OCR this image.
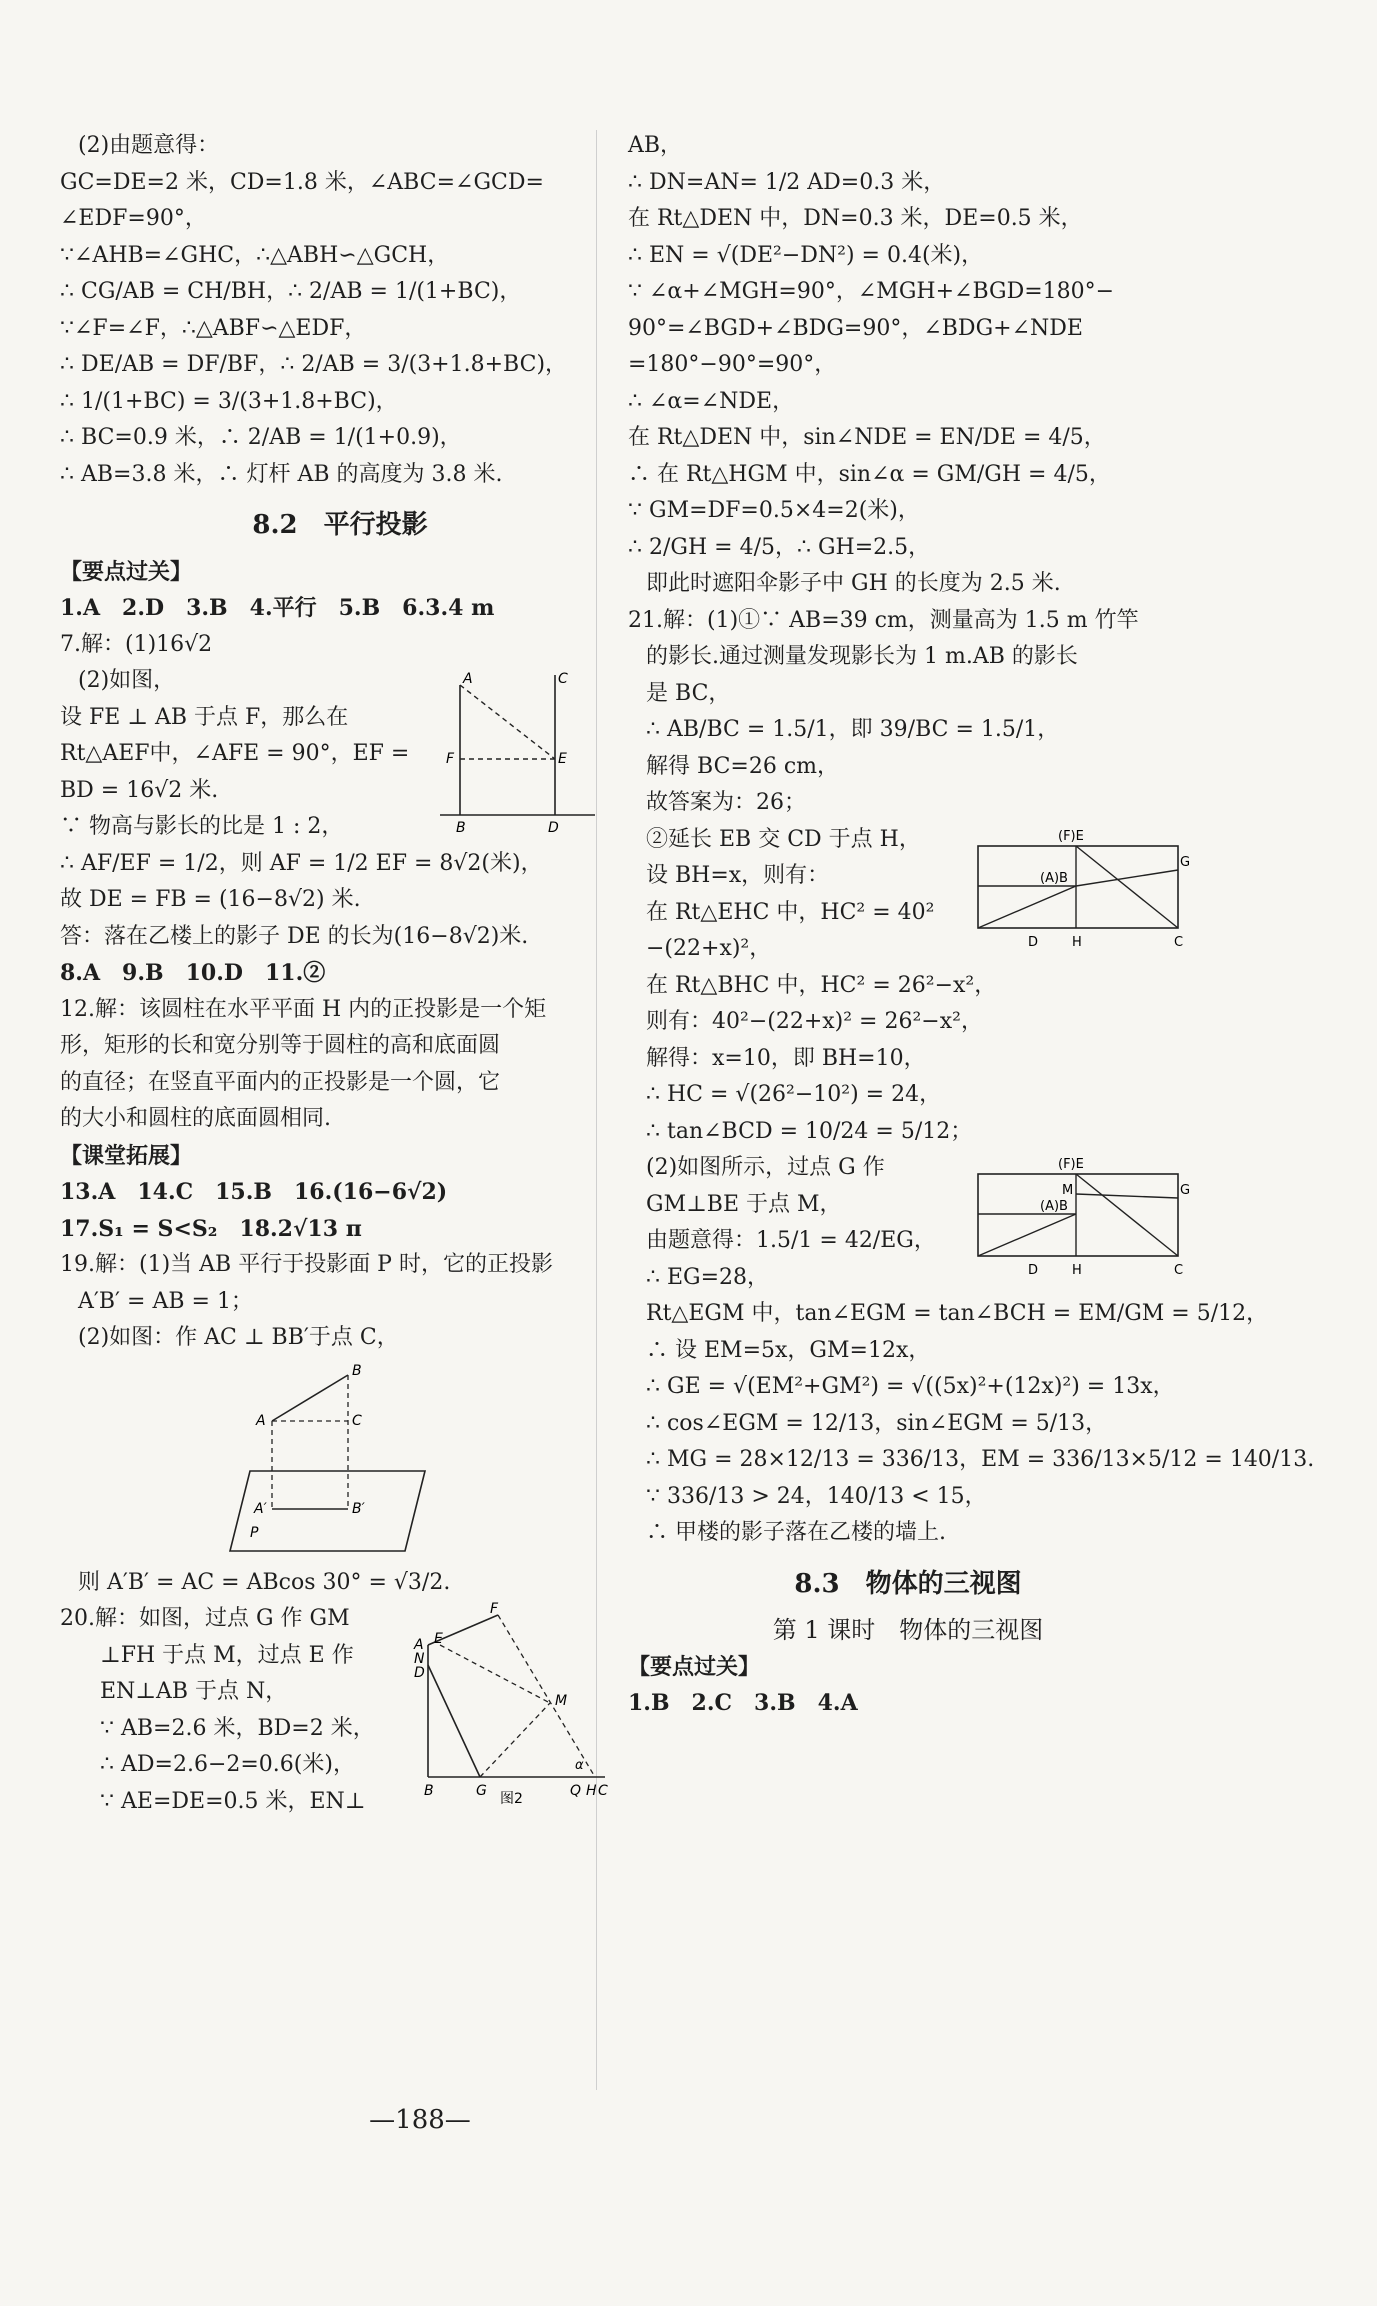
(2)由题意得：
GC=DE=2 米，CD=1.8 米，∠ABC=∠GCD=
∠EDF=90°，
∵∠AHB=∠GHC，∴△ABH∽△GCH，
∴ CG/AB = CH/BH，∴ 2/AB = 1/(1+BC)，
∵∠F=∠F，∴△ABF∽△EDF，
∴ DE/AB = DF/BF，∴ 2/AB = 3/(3+1.8+BC)，
∴ 1/(1+BC) = 3/(3+1.8+BC)，
∴ BC=0.9 米，∴ 2/AB = 1/(1+0.9)，
∴ AB=3.8 米，∴ 灯杆 AB 的高度为 3.8 米.
8.2　平行投影
【要点过关】
1.A　2.D　3.B　4.平行　5.B　6.3.4 m
7.解：(1)16√2
A	C
F	E
B	D
(2)如图，
设 FE ⊥ AB 于点 F，那么在
Rt△AEF中，∠AFE = 90°，EF =
BD = 16√2 米.
∵ 物高与影长的比是 1 : 2，
∴ AF/EF = 1/2，则 AF = 1/2 EF = 8√2(米)，
故 DE = FB = (16−8√2) 米.
答：落在乙楼上的影子 DE 的长为(16−8√2)米.
8.A　9.B　10.D　11.②
12.解：该圆柱在水平平面 H 内的正投影是一个矩
形，矩形的长和宽分别等于圆柱的高和底面圆
的直径；在竖直平面内的正投影是一个圆，它
的大小和圆柱的底面圆相同.
【课堂拓展】
13.A　14.C　15.B　16.(16−6√2)
17.S₁ = S<S₂　18.2√13 π
19.解：(1)当 AB 平行于投影面 P 时，它的正投影
A′B′ = AB = 1；
(2)如图：作 AC ⊥ BB′于点 C，
B
A	C
A′	B′
P
则 A′B′ = AC = ABcos 30° = √3/2.
F
A E
N
D
M
α
B	G	Q H C
图2
20.解：如图，过点 G 作 GM
⊥FH 于点 M，过点 E 作
EN⊥AB 于点 N，
∵ AB=2.6 米，BD=2 米，
∴ AD=2.6−2=0.6(米)，
∵ AE=DE=0.5 米，EN⊥
AB，
∴ DN=AN= 1/2 AD=0.3 米，
在 Rt△DEN 中，DN=0.3 米，DE=0.5 米，
∴ EN = √(DE²−DN²) = 0.4(米)，
∵ ∠α+∠MGH=90°，∠MGH+∠BGD=180°−
90°=∠BGD+∠BDG=90°，∠BDG+∠NDE
=180°−90°=90°，
∴ ∠α=∠NDE，
在 Rt△DEN 中，sin∠NDE = EN/DE = 4/5，
∴ 在 Rt△HGM 中，sin∠α = GM/GH = 4/5，
∵ GM=DF=0.5×4=2(米)，
∴ 2/GH = 4/5，∴ GH=2.5，
即此时遮阳伞影子中 GH 的长度为 2.5 米.
21.解：(1)①∵ AB=39 cm，测量高为 1.5 m 竹竿
的影长.通过测量发现影长为 1 m.AB 的影长
是 BC，
∴ AB/BC = 1.5/1，即 39/BC = 1.5/1，
解得 BC=26 cm，
故答案为：26；
(F)E
(A)B
G
D	H	C
②延长 EB 交 CD 于点 H，
设 BH=x，则有：
在 Rt△EHC 中，HC² = 40²
−(22+x)²，
在 Rt△BHC 中，HC² = 26²−x²，
则有：40²−(22+x)² = 26²−x²，
解得：x=10，即 BH=10，
∴ HC = √(26²−10²) = 24，
∴ tan∠BCD = 10/24 = 5/12；
(F)E
M
(A)B
G
D	H	C
(2)如图所示，过点 G 作
GM⊥BE 于点 M，
由题意得：1.5/1 = 42/EG，
∴ EG=28，
Rt△EGM 中，tan∠EGM = tan∠BCH = EM/GM = 5/12，
∴ 设 EM=5x，GM=12x，
∴ GE = √(EM²+GM²) = √((5x)²+(12x)²) = 13x，
∴ cos∠EGM = 12/13，sin∠EGM = 5/13，
∴ MG = 28×12/13 = 336/13，EM = 336/13×5/12 = 140/13.
∵ 336/13 > 24，140/13 < 15，
∴ 甲楼的影子落在乙楼的墙上.
8.3　物体的三视图
第 1 课时　物体的三视图
【要点过关】
1.B　2.C　3.B　4.A
—188—
